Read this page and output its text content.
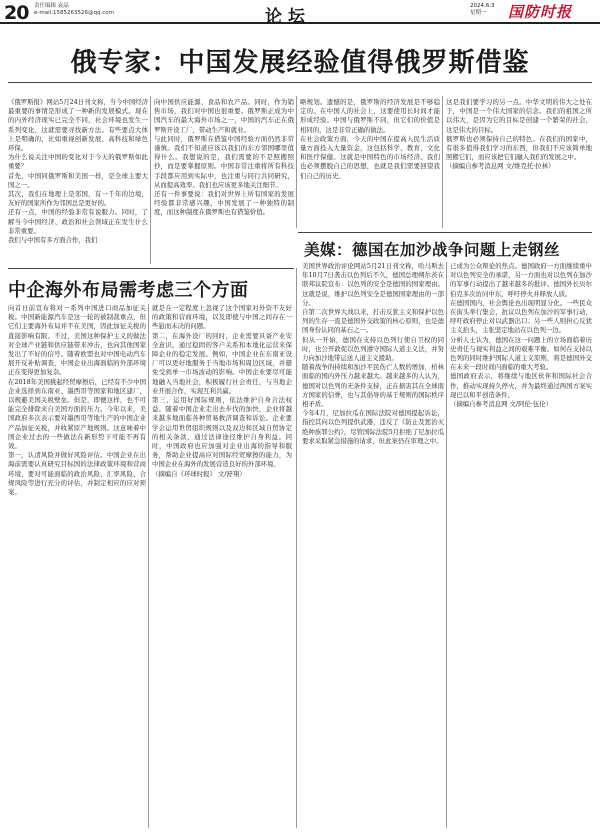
20 责任编辑 袁晶
e-mail:1585263526@qq.com	论坛
2024.6.3
星期一	国防时报
俄专家：中国发展经验值得俄罗斯借鉴
《俄罗斯报》网站5月24日刊文称，当今中国经济最重要的事情是形成了一种新的发展模式。现在的内外经济现实已完全不同，社会环境也发生一系列变化，这就需要寻找新方法。有些要点大体上是明确的，比如重视创新发展、高科技和绿色环保。
为什么说关注中国的变化对于今天的俄罗斯如此重要？
首先，中国同俄罗斯和美国一样，是全球主要大国之一。
其次，我们在地理上是邻国，有一千年的边境，友好的国家所作为邻国总是更好的。
还有一点，中国的经验非常有说服力。同时，了解当今中国经济、政治和社会领域正在发生什么非常重要。
我们与中国有多方面合作，我们
向中国供应能源、食品和农产品。同时，作为销售市场，我们对中国也很重要。俄罗斯正成为中国汽车的最大海外市场之一，中国的汽车正在俄罗斯开设工厂，带动生产和就业。
与此同时，俄罗斯在借鉴中国经验方面仍然非常谨慎。我们不知道应该以我们的东方邻国哪里值得什么。我想说的是，我们需要的不是照搬照抄，而是要掌握原则。中国非常注重将所有科技手段都应用到实际中，也注重与同行共同研究，从而提高效率。我们也应该更多地关注细节。
还有一件事要说：我们对世界上所有国家的发展经验都非常感兴趣，中国发展了一种独特的制度，而这种制度在俄罗斯也有借鉴价值。
略规划。遗憾的是，俄罗斯的经济发展是不够稳定的。在中国人的社会上，这要使用长时间才能形成经验。中国与俄罗斯不同，但它们的价值是相同的，这是非常正确的做法。
在社会政策方面，今天的中国在提高人民生活质量方面投入大量资金，这包括科学、教育、文化和医疗保健。这就是中国特色的市场经济。我们也必须摆脱自己的思想，也就是我们需要回望我们自己的历史。
这是我们要学习的另一点。中华文明的伟大之处在于，中国是一个伟大国家的信念。我们的祖国之所以伟大，是因为它的目标是创建一个繁荣的社会，这是伟大的目标。
俄罗斯也必须保持自己的特色。在我们的国家中，有很多值得我们学习的东西，但我们不应该简单地照搬它们，而应该把它们融入我们的发展之中。
（摘编自参考消息网 文/维克托·拉林）
美媒：德国在加沙战争问题上走钢丝
美国世界政治评论网站5月21日刊文称，哈马斯去年10月7日袭击以色列后不久，德国总理朔尔茨在联邦议院宣布：以色列的安全是德国的国家理由。这就是说，维护以色列安全是德国国家理由的一部分。
自第二次世界大战以来，打击反犹主义和保护以色列的生存一直是德国外交政策的核心原则，也是德国身份认同的基石之一。
但从一开始，德国在支持以色列行使自卫权的同时，也公开敦促以色列遵守国际人道主义法，并努力向加沙地带运送人道主义援助。
随着战争的持续和加沙平民伤亡人数的增加，柏林面临的国内外压力越来越大。越来越多的人认为，德国对以色列的无条件支持，正在损害其在全球南方国家的信誉，也与其倡导的基于规则的国际秩序相矛盾。
今年4月，尼加拉瓜在国际法院对德国提起诉讼，指控其向以色列提供武器，违反了《防止及惩治灭绝种族罪公约》，尽管国际法院5月拒绝了尼加拉瓜要求采取紧急措施的请求，但此案仍在审理之中。
已成为公众辩论的焦点。德国政府一方面继续重申对以色列安全的承诺，另一方面也对以色列在加沙的军事行动提出了越来越多的批评。德国外长贝尔伯克多次访问中东，呼吁停火并释放人质。
在德国国内，社会舆论也出现明显分化。一些民众在街头举行集会，抗议以色列在加沙的军事行动，呼吁政府停止对以武器出口；另一些人则担心反犹主义抬头，主张坚定地站在以色列一边。
分析人士认为，德国在这一问题上的立场面临着历史责任与现实利益之间的艰难平衡。如何在支持以色列的同时维护国际人道主义原则，将是德国外交在未来一段时间内面临的重大考验。
德国政府表示，将继续与地区伙伴和国际社会合作，推动实现持久停火，并为最终通过两国方案实现巴以和平创造条件。
（摘编自参考消息网 文/阿伦·伍伦）
中企海外布局需考虑三个方面
向首日前宣布将对一系列中国进口商品加征关税。中国新能源汽车是这一轮的被制裁重点，但它们主要海外布局并不在美国，因此加征关税的直接影响有限。不过，美国这种保护主义的做法对全球产业链和供应链带来冲击，也向其他国家发出了不好的信号。随着欧盟也对中国电动汽车展开反补贴调查，中国企业出海面临的外部环境正在变得更加复杂。
在2018年美国挑起经贸摩擦后，已经有不少中国企业选择到东南亚、墨西哥等国家和地区建厂，以规避美国关税壁垒。但是，即便这样，也不可能完全排除来自美国方面的压力。今年以来，美国政府多次表示要对墨西哥等地生产的中国企业产品加征关税，并收紧原产地规则。这意味着中国企业过去的一些做法在新形势下可能不再有效。
第一，认清风险并做好风险评估。中国企业在出海前需要认真研究目标国的法律政策环境和营商环境，要对可能面临的政治风险、汇率风险、合规风险等进行充分的评估，并制定相应的应对预案。
就是在一定程度上忽视了这个国家对外资不友好的政策和营商环境，以及即使与中国之间存在一些悬而未决的问题。
第二，在海外设厂的同时，企业需要具备产业安全意识，通过稳固的客户关系和本地化运营来保障企业的稳定发展。例如，中国企业在东南亚设厂可以更好地服务于当地市场和周边区域，并避免受到单一市场波动的影响。中国企业要尽可能地融入当地社会，积极履行社会责任，与当地企业开展合作，实现互利共赢。
第三，运用好国际规则，依法维护自身合法权益。随着中国企业走出去步伐的加快，企业将越来越多地面临各种贸易救济调查和诉讼。企业要学会运用世贸组织规则以及双边和区域自贸协定的相关条款，通过法律途径维护自身利益。同时，中国政府也应加强对企业出海的指导和服务，帮助企业提高应对国际经贸摩擦的能力，为中国企业在海外的发展营造良好的外部环境。
（摘编自《环球时报》 文/舒翔）
